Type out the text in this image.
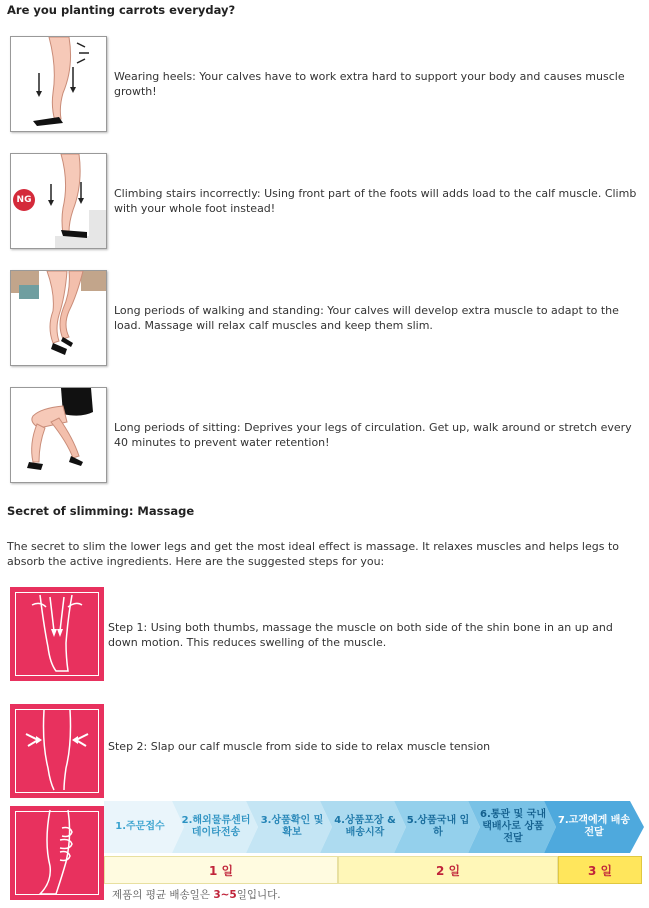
Are you planting carrots everyday?
Wearing heels: Your calves have to work extra hard to support your body and causes muscle growth!
NG	Climbing stairs incorrectly: Using front part of the foots will adds load to the calf muscle. Climb with your whole foot instead!
Long periods of walking and standing: Your calves will develop extra muscle to adapt to the load. Massage will relax calf muscles and keep them slim.
Long periods of sitting: Deprives your legs of circulation. Get up, walk around or stretch every 40 minutes to prevent water retention!
Secret of slimming: Massage
The secret to slim the lower legs and get the most ideal effect is massage. It relaxes muscles and helps legs to absorb the active ingredients. Here are the suggested steps for you:
Step 1: Using both thumbs, massage the muscle on both side of the shin bone in an up and down motion. This reduces swelling of the muscle.
Step 2: Slap our calf muscle from side to side to relax muscle tension
1.주문접수
2.해외물류센터 데이타전송
3.상품확인 및 확보
4.상품포장 &배송시작
5.상품국내 입하
6.통관 및 국내택배사로 상품전달
7.고객에게 배송전달
1 일	2 일	3 일
제품의 평균 배송일은 3~5일입니다.
